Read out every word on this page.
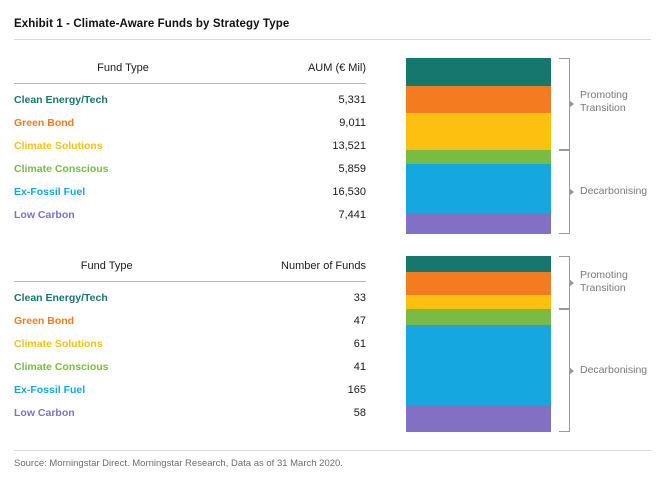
Exhibit 1 - Climate-Aware Funds by Strategy Type
Fund Type	AUM (€ Mil)
Clean Energy/Tech	5,331
Green Bond	9,011
Climate Solutions	13,521
Climate Conscious	5,859
Ex-Fossil Fuel	16,530
Low Carbon	7,441
Promoting
Transition
Decarbonising
Fund Type	Number of Funds
Clean Energy/Tech	33
Green Bond	47
Climate Solutions	61
Climate Conscious	41
Ex-Fossil Fuel	165
Low Carbon	58
Promoting
Transition
Decarbonising
Source: Morningstar Direct. Morningstar Research, Data as of 31 March 2020.
